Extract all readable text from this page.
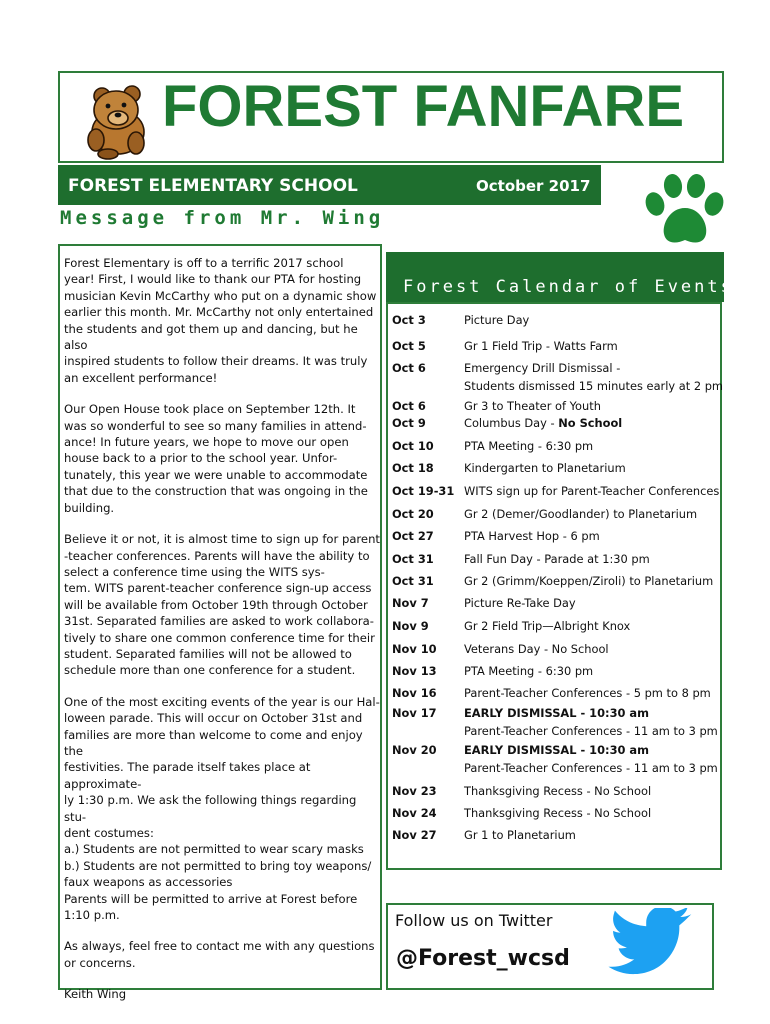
FOREST FANFARE
FOREST ELEMENTARY SCHOOL	October 2017
Message from Mr. Wing

Forest Elementary is off to a terrific 2017 school
year! First, I would like to thank our PTA for hosting
musician Kevin McCarthy who put on a dynamic show
earlier this month. Mr. McCarthy not only entertained
the students and got them up and dancing, but he also
inspired students to follow their dreams. It was truly
an excellent performance!

Our Open House took place on September 12th. It
was so wonderful to see so many families in attend-
ance! In future years, we hope to move our open
house back to a prior to the school year. Unfor-
tunately, this year we were unable to accommodate
that due to the construction that was ongoing in the
building.

Believe it or not, it is almost time to sign up for parent
-teacher conferences. Parents will have the ability to
select a conference time using the WITS sys-
tem. WITS parent-teacher conference sign-up access
will be available from October 19th through October
31st. Separated families are asked to work collabora-
tively to share one common conference time for their
student. Separated families will not be allowed to
schedule more than one conference for a student.

One of the most exciting events of the year is our Hal-
loween parade. This will occur on October 31st and
families are more than welcome to come and enjoy the
festivities. The parade itself takes place at approximate-
ly 1:30 p.m. We ask the following things regarding stu-
dent costumes:
a.) Students are not permitted to wear scary masks
b.) Students are not permitted to bring toy weapons/
faux weapons as accessories
Parents will be permitted to arrive at Forest before
1:10 p.m.

As always, feel free to contact me with any questions
or concerns.

Keith Wing

Forest Calendar of Events
Oct 3	Picture Day
Oct 5	Gr 1 Field Trip - Watts Farm
Oct 6	Emergency Drill Dismissal -
Students dismissed 15 minutes early at 2 pm
Oct 6	Gr 3 to Theater of Youth
Oct 9	Columbus Day - No School
Oct 10	PTA Meeting - 6:30 pm
Oct 18	Kindergarten to Planetarium
Oct 19-31 WITS sign up for Parent-Teacher Conferences
Oct 20	Gr 2 (Demer/Goodlander) to Planetarium
Oct 27	PTA Harvest Hop - 6 pm
Oct 31	Fall Fun Day - Parade at 1:30 pm
Oct 31	Gr 2 (Grimm/Koeppen/Ziroli) to Planetarium
Nov 7	Picture Re-Take Day
Nov 9	Gr 2 Field Trip—Albright Knox
Nov 10 Veterans Day - No School
Nov 13 PTA Meeting - 6:30 pm
Nov 16 Parent-Teacher Conferences - 5 pm to 8 pm
Nov 17 EARLY DISMISSAL - 10:30 am
Parent-Teacher Conferences - 11 am to 3 pm
Nov 20 EARLY DISMISSAL - 10:30 am
Parent-Teacher Conferences - 11 am to 3 pm
Nov 23 Thanksgiving Recess - No School
Nov 24 Thanksgiving Recess - No School
Nov 27 Gr 1 to Planetarium
Follow us on Twitter
@Forest_wcsd
